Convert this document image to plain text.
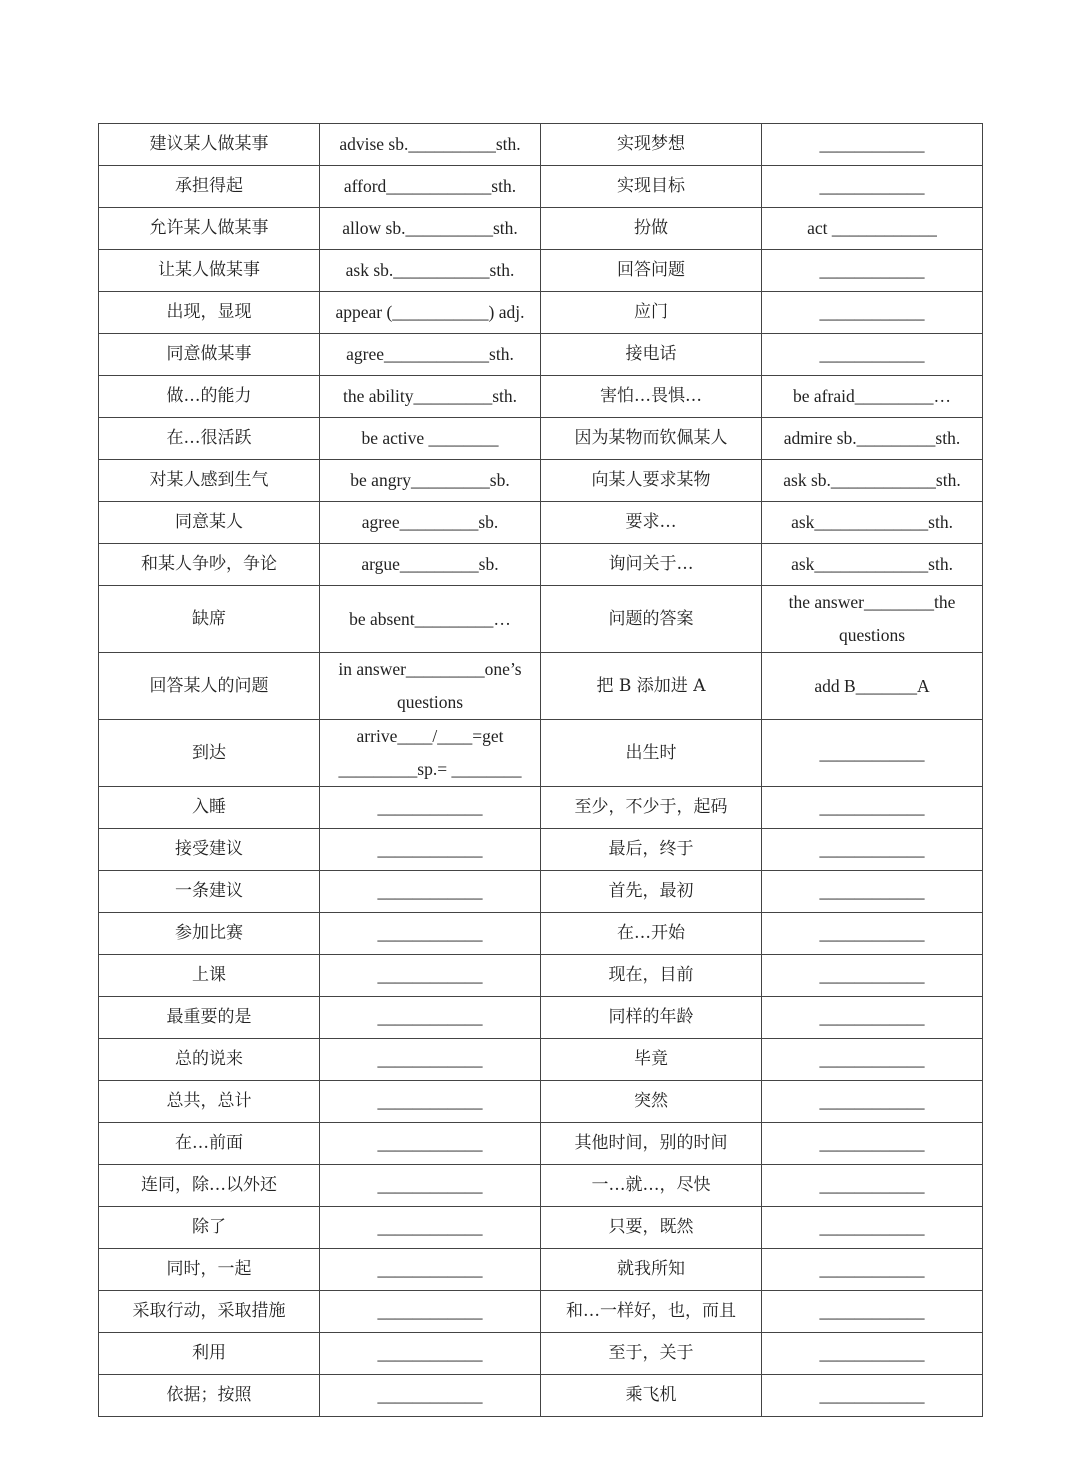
建议某人做某事	advise sb.__________sth.	实现梦想	____________
承担得起	afford____________sth.	实现目标	____________
允许某人做某事	allow sb.__________sth.	扮做	act ____________
让某人做某事	ask sb.___________sth.	回答问题	____________
出现，显现	appear (___________) adj.	应门	____________
同意做某事	agree____________sth.	接电话	____________
做…的能力	the ability_________sth.	害怕…畏惧…	be afraid_________…
在…很活跃	be active ________	因为某物而钦佩某人	admire sb._________sth.
对某人感到生气	be angry_________sb.	向某人要求某物	ask sb.____________sth.
同意某人	agree_________sb.	要求…	ask_____________sth.
和某人争吵，争论	argue_________sb.	询问关于…	ask_____________sth.
缺席	be absent_________…	问题的答案	the answer________the questions
回答某人的问题	in answer_________one’s questions	把 B 添加进 A	add B_______A
到达	arrive____/____=get _________sp.= ________	出生时	____________
入睡	____________	至少，不少于，起码	____________
接受建议	____________	最后，终于	____________
一条建议	____________	首先，最初	____________
参加比赛	____________	在…开始	____________
上课	____________	现在，目前	____________
最重要的是	____________	同样的年龄	____________
总的说来	____________	毕竟	____________
总共，总计	____________	突然	____________
在…前面	____________	其他时间，别的时间	____________
连同，除…以外还	____________	一…就…，尽快	____________
除了	____________	只要，既然	____________
同时，一起	____________	就我所知	____________
采取行动，采取措施	____________	和…一样好，也，而且	____________
利用	____________	至于，关于	____________
依据；按照	____________	乘飞机	____________
